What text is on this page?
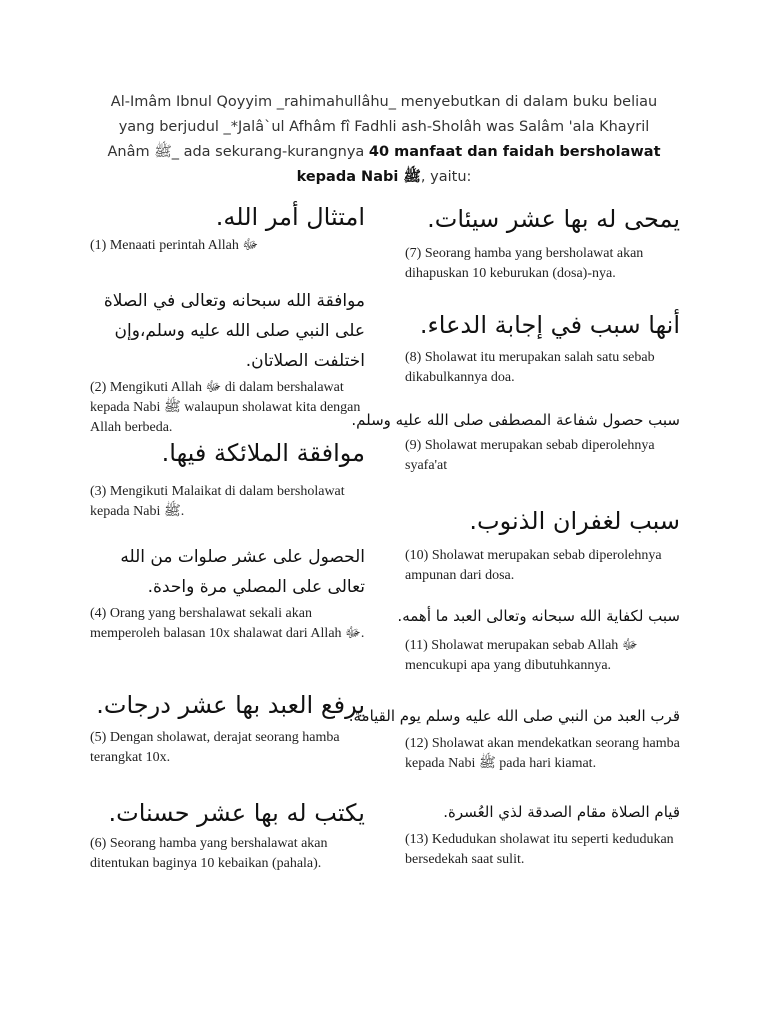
Al-Imâm Ibnul Qoyyim _rahimahullâhu_ menyebutkan di dalam buku beliau yang berjudul _*Jalâ`ul Afhâm fî Fadhli ash-Sholâh was Salâm 'ala Khayril Anâm ﷺ_ ada sekurang-kurangnya 40 manfaat dan faidah bersholawat kepada Nabi ﷺ, yaitu:
امتثال أمر الله.
(1) Menaati perintah Allah ﷻ
موافقة الله سبحانه وتعالى في الصلاة على النبي صلى الله عليه وسلم،وإن اختلفت الصلاتان.
(2) Mengikuti Allah ﷻ di dalam bershalawat kepada Nabi ﷺ walaupun sholawat kita dengan Allah berbeda.
موافقة الملائكة فيها.
(3) Mengikuti Malaikat di dalam bersholawat kepada Nabi ﷺ.
الحصول على عشر صلوات من الله تعالى على المصلي مرة واحدة.
(4) Orang yang bershalawat sekali akan memperoleh balasan 10x shalawat dari Allah ﷻ.
يرفع العبد بها عشر درجات.
(5) Dengan sholawat, derajat seorang hamba terangkat 10x.
يكتب له بها عشر حسنات.
(6) Seorang hamba yang bershalawat akan ditentukan baginya 10 kebaikan (pahala).
يمحى له بها عشر سيئات.
(7) Seorang hamba yang bersholawat akan dihapuskan 10 keburukan (dosa)-nya.
أنها سبب في إجابة الدعاء.
(8) Sholawat itu merupakan salah satu sebab dikabulkannya doa.
سبب حصول شفاعة المصطفى صلى الله عليه وسلم.
(9) Sholawat merupakan sebab diperolehnya syafa'at
سبب لغفران الذنوب.
(10) Sholawat merupakan sebab diperolehnya ampunan dari dosa.
سبب لكفاية الله سبحانه وتعالى العبد ما أهمه.
(11) Sholawat merupakan sebab Allah ﷻ mencukupi apa yang dibutuhkannya.
قرب العبد من النبي صلى الله عليه وسلم يوم القيامة.
(12) Sholawat akan mendekatkan seorang hamba kepada Nabi ﷺ pada hari kiamat.
قيام الصلاة مقام الصدقة لذي العُسرة.
(13) Kedudukan sholawat itu seperti kedudukan bersedekah saat sulit.
